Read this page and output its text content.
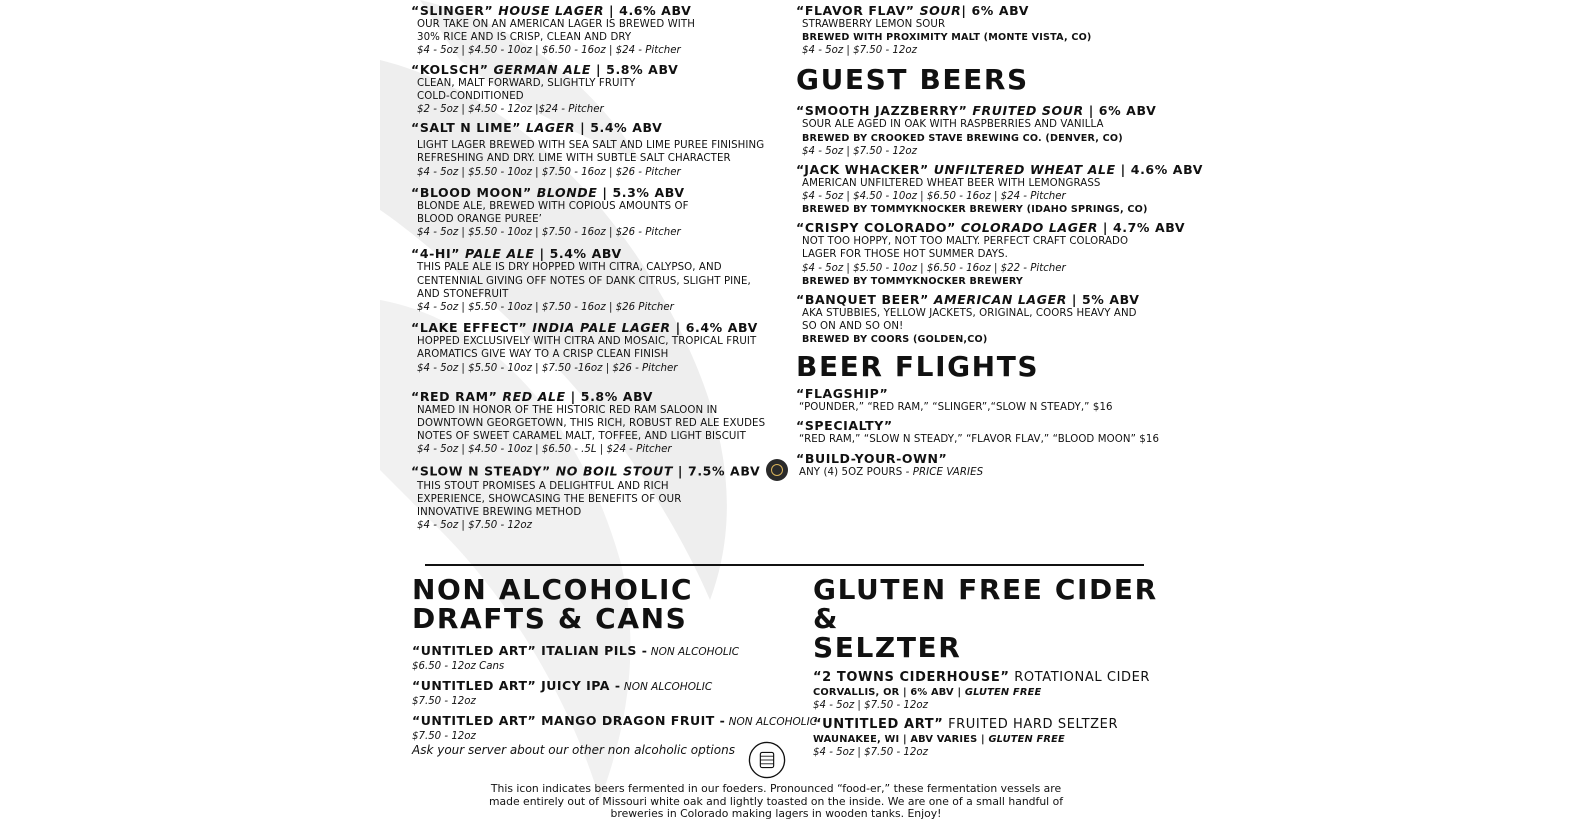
“SLINGER” HOUSE LAGER | 4.6% ABV
OUR TAKE ON AN AMERICAN LAGER IS BREWED WITH
30% RICE AND IS CRISP, CLEAN AND DRY
$4 - 5oz | $4.50 - 10oz | $6.50 - 16oz | $24 - Pitcher
“KOLSCH” GERMAN ALE | 5.8% ABV
CLEAN, MALT FORWARD, SLIGHTLY FRUITY
COLD-CONDITIONED
$2 - 5oz | $4.50 - 12oz |$24 - Pitcher
“SALT N LIME” LAGER | 5.4% ABV
LIGHT LAGER BREWED WITH SEA SALT AND LIME PUREE FINISHING
REFRESHING AND DRY. LIME WITH SUBTLE SALT CHARACTER
$4 - 5oz | $5.50 - 10oz | $7.50 - 16oz | $26 - Pitcher
“BLOOD MOON” BLONDE | 5.3% ABV
BLONDE ALE, BREWED WITH COPIOUS AMOUNTS OF
BLOOD ORANGE PUREE’
$4 - 5oz | $5.50 - 10oz | $7.50 - 16oz | $26 - Pitcher
“4-HI” PALE ALE | 5.4% ABV
THIS PALE ALE IS DRY HOPPED WITH CITRA, CALYPSO, AND
CENTENNIAL GIVING OFF NOTES OF DANK CITRUS, SLIGHT PINE,
AND STONEFRUIT
$4 - 5oz | $5.50 - 10oz | $7.50 - 16oz | $26 Pitcher
“LAKE EFFECT” INDIA PALE LAGER | 6.4% ABV
HOPPED EXCLUSIVELY WITH CITRA AND MOSAIC, TROPICAL FRUIT
AROMATICS GIVE WAY TO A CRISP CLEAN FINISH
$4 - 5oz | $5.50 - 10oz | $7.50 -16oz | $26 - Pitcher
“RED RAM” RED ALE | 5.8% ABV
NAMED IN HONOR OF THE HISTORIC RED RAM SALOON IN
DOWNTOWN GEORGETOWN, THIS RICH, ROBUST RED ALE EXUDES
NOTES OF SWEET CARAMEL MALT, TOFFEE, AND LIGHT BISCUIT
$4 - 5oz | $4.50 - 10oz | $6.50 - .5L | $24 - Pitcher
“SLOW N STEADY” NO BOIL STOUT | 7.5% ABV
THIS STOUT PROMISES A DELIGHTFUL AND RICH
EXPERIENCE, SHOWCASING THE BENEFITS OF OUR
INNOVATIVE BREWING METHOD
$4 - 5oz | $7.50 - 12oz
“FLAVOR FLAV” SOUR| 6% ABV
STRAWBERRY LEMON SOUR
BREWED WITH PROXIMITY MALT (MONTE VISTA, CO)
$4 - 5oz | $7.50 - 12oz
GUEST BEERS
“SMOOTH JAZZBERRY” FRUITED SOUR | 6% ABV
SOUR ALE AGED IN OAK WITH RASPBERRIES AND VANILLA
BREWED BY CROOKED STAVE BREWING CO. (DENVER, CO)
$4 - 5oz | $7.50 - 12oz
“JACK WHACKER” UNFILTERED WHEAT ALE | 4.6% ABV
AMERICAN UNFILTERED WHEAT BEER WITH LEMONGRASS
$4 - 5oz | $4.50 - 10oz | $6.50 - 16oz | $24 - Pitcher
BREWED BY TOMMYKNOCKER BREWERY (IDAHO SPRINGS, CO)
“CRISPY COLORADO” COLORADO LAGER | 4.7% ABV
NOT TOO HOPPY, NOT TOO MALTY. PERFECT CRAFT COLORADO
LAGER FOR THOSE HOT SUMMER DAYS.
$4 - 5oz | $5.50 - 10oz | $6.50 - 16oz | $22 - Pitcher
BREWED BY TOMMYKNOCKER BREWERY
“BANQUET BEER” AMERICAN LAGER | 5% ABV
AKA STUBBIES, YELLOW JACKETS, ORIGINAL, COORS HEAVY AND
SO ON AND SO ON!
BREWED BY COORS (GOLDEN,CO)
BEER FLIGHTS
“FLAGSHIP”
“POUNDER,” “RED RAM,” “SLINGER”,“SLOW N STEADY,” $16
“SPECIALTY”
“RED RAM,” “SLOW N STEADY,” “FLAVOR FLAV,” “BLOOD MOON” $16
“BUILD-YOUR-OWN”
ANY (4) 5OZ POURS - PRICE VARIES
NON ALCOHOLIC
DRAFTS & CANS
“UNTITLED ART” ITALIAN PILS - NON ALCOHOLIC
$6.50 - 12oz Cans
“UNTITLED ART” JUICY IPA - NON ALCOHOLIC
$7.50 - 12oz
“UNTITLED ART” MANGO DRAGON FRUIT - NON ALCOHOLIC
$7.50 - 12oz
Ask your server about our other non alcoholic options
GLUTEN FREE CIDER &
SELZTER
“2 TOWNS CIDERHOUSE” ROTATIONAL CIDER
CORVALLIS, OR | 6% ABV | GLUTEN FREE
$4 - 5oz | $7.50 - 12oz
“UNTITLED ART” FRUITED HARD SELTZER
WAUNAKEE, WI | ABV VARIES | GLUTEN FREE
$4 - 5oz | $7.50 - 12oz
This icon indicates beers fermented in our foeders. Pronounced “food-er,” these fermentation vessels are
made entirely out of Missouri white oak and lightly toasted on the inside. We are one of a small handful of
breweries in Colorado making lagers in wooden tanks. Enjoy!
